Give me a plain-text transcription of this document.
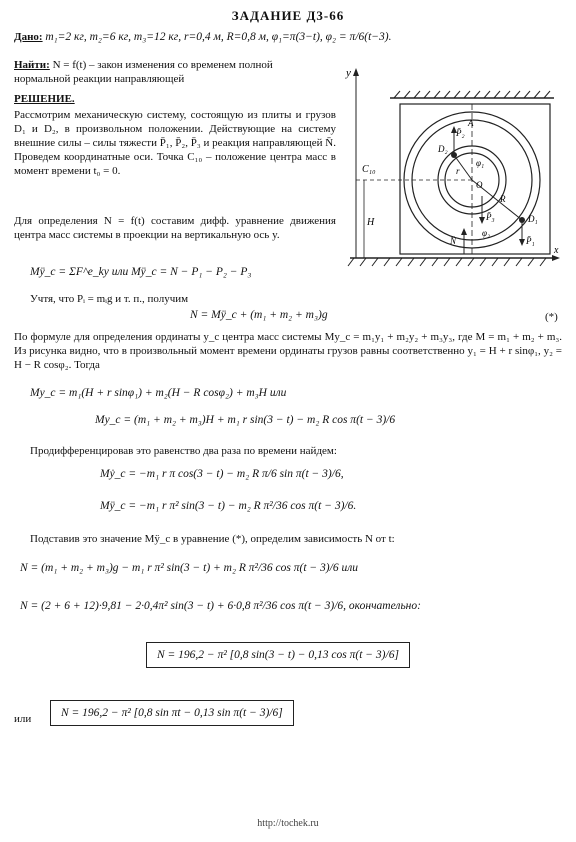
ЗАДАНИЕ Д3-66
Дано: m₁=2 кг, m₂=6 кг, m₃=12 кг, r=0,4 м, R=0,8 м, φ₁=π(3−t), φ₂ = π/6(t−3).
Найти: N = f(t) – закон изменения со временем полной нормальной реакции направляющей
РЕШЕНИЕ.
Рассмотрим механическую систему, состоящую из плиты и грузов D₁ и D₂, в произвольном положении. Действующие на систему внешние силы – силы тяжести P̄₁, P̄₂, P̄₃ и реакция направляющей N̄. Проведем координатные оси. Точка C₁₀ – положение центра масс в момент времени t₀ = 0.
Для определения N = f(t) составим дифф. уравнение движения центра масс системы в проекции на вертикальную ось y.
Mÿ_c = ΣF^e_ky или Mÿ_c = N − P₁ − P₂ − P₃
Учтя, что Pᵢ = mᵢg и т. п., получим
N = Mÿ_c + (m₁ + m₂ + m₃)g	(*)
По формуле для определения ординаты y_c центра масс системы My_c = m₁y₁ + m₂y₂ + m₃y₃, где M = m₁ + m₂ + m₃. Из рисунка видно, что в произвольный момент времени ординаты грузов равны соответственно y₁ = H + r sinφ₁, y₂ = H − R cosφ₂. Тогда
My_c = m₁(H + r sinφ₁) + m₂(H − R cosφ₂) + m₃H или
My_c = (m₁ + m₂ + m₃)H + m₁ r sin(3 − t) − m₂ R cos π(t − 3)/6
Продифференцировав это равенство два раза по времени найдем:
Mẏ_c = −m₁ r π cos(3 − t) − m₂ R π/6 sin π(t − 3)/6,
Mÿ_c = −m₁ r π² sin(3 − t) − m₂ R π²/36 cos π(t − 3)/6.
Подставив это значение Mÿ_c в уравнение (*), определим зависимость N от t:
N = (m₁ + m₂ + m₃)g − m₁ r π² sin(3 − t) + m₂ R π²/36 cos π(t − 3)/6 или
N = (2 + 6 + 12)·9,81 − 2·0,4π² sin(3 − t) + 6·0,8 π²/36 cos π(t − 3)/6, окончательно:
N = 196,2 − π² [0,8 sin(3 − t) − 0,13 cos π(t − 3)/6]
или	N = 196,2 − π² [0,8 sin πt − 0,13 sin π(t − 3)/6]
y
x
H
C₁₀	r
R
φ₁
φ₂
O
D₂
D₁
P̄₂
P̄₁
P̄₃
N̄
A
http://tochek.ru
